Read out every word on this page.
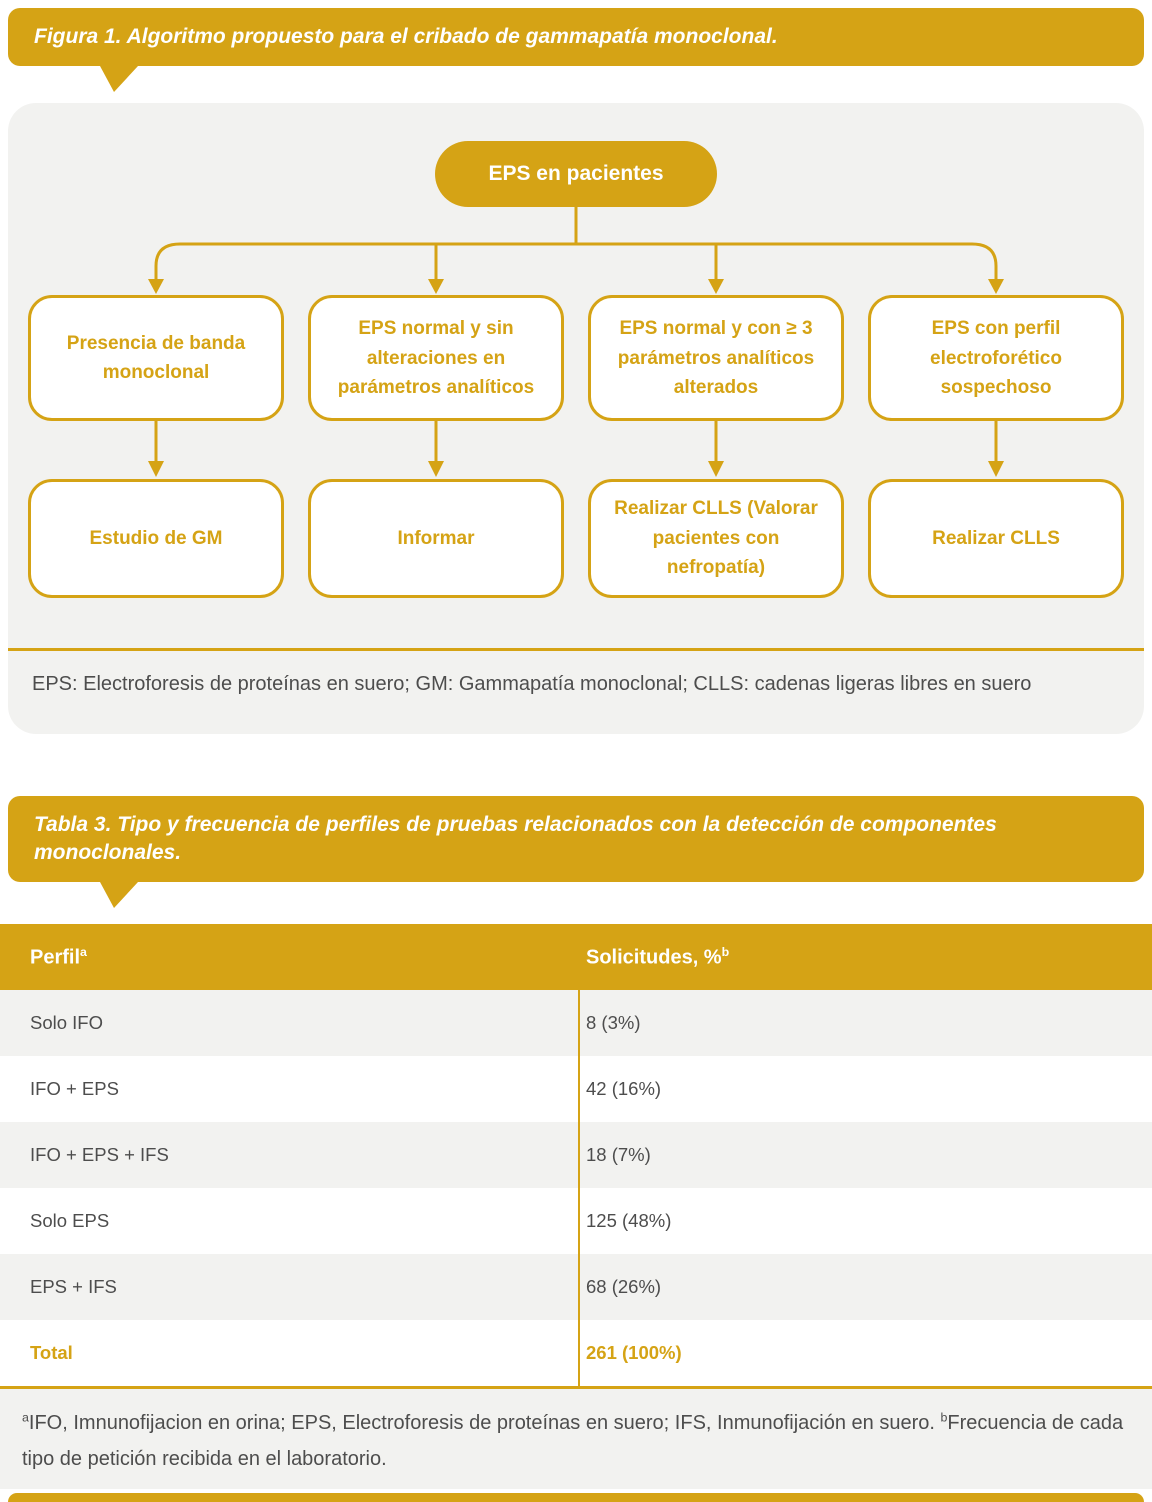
Figura 1. Algoritmo propuesto para el cribado de gammapatía monoclonal.
EPS en pacientes
Presencia de banda monoclonal
EPS normal y sin alteraciones en parámetros analíticos
EPS normal y con ≥ 3 parámetros analíticos alterados
EPS con perfil electroforético sospechoso
Estudio de GM	Informar
Realizar CLLS (Valorar pacientes con nefropatía)
Realizar CLLS

EPS: Electroforesis de proteínas en suero; GM: Gammapatía monoclonal; CLLS: cadenas ligeras libres en suero

Tabla 3. Tipo y frecuencia de perfiles de pruebas relacionados con la detección de componentes monoclonales.
Perfil$^a$	Solicitudes, %$^b$
Solo IFO	8 (3%)
IFO + EPS	42 (16%)
IFO + EPS + IFS	18 (7%)
Solo EPS	125 (48%)
EPS + IFS	68 (26%)
Total	261 (100%)

$^a$IFO, Imnunofijacion en orina; EPS, Electroforesis de proteínas en suero; IFS, Inmunofijación en suero. $^b$Frecuencia de cada tipo de petición recibida en el laboratorio.
